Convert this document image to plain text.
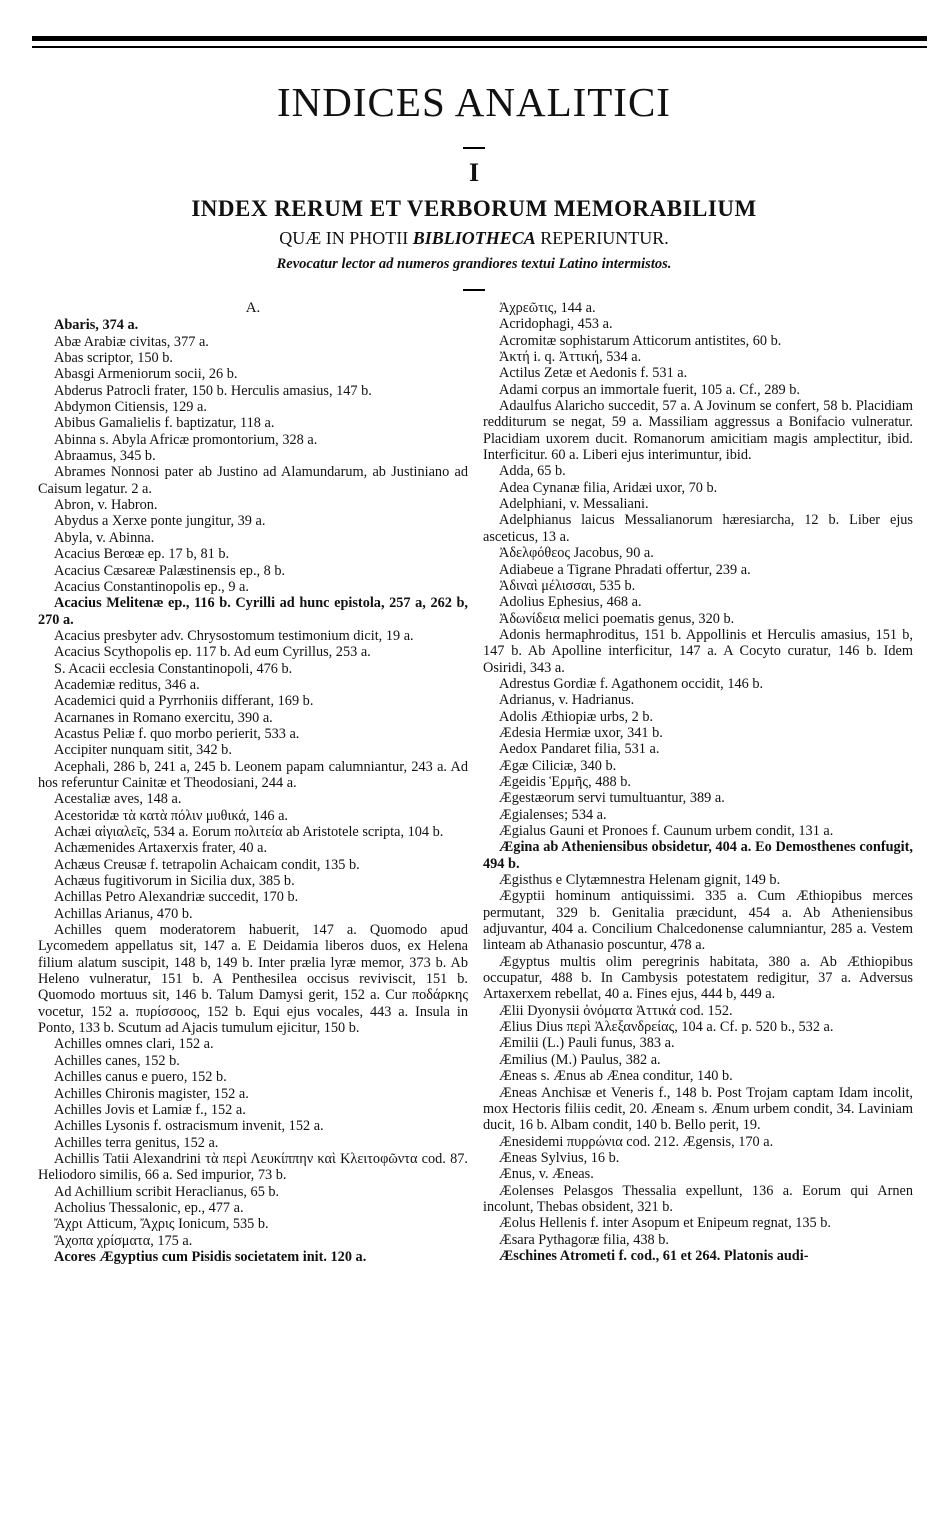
INDICES ANALITICI
I
INDEX RERUM ET VERBORUM MEMORABILIUM
QUÆ IN PHOTII BIBLIOTHECA REPERIUNTUR.
Revocatur lector ad numeros grandiores textui Latino intermistos.
A.

Abaris, 374 a.

Abæ Arabiæ civitas, 377 a.

Abas scriptor, 150 b.

Abasgi Armeniorum socii, 26 b.

Abderus Patrocli frater, 150 b. Herculis amasius, 147 b.

Abdymon Citiensis, 129 a.

Abibus Gamalielis f. baptizatur, 118 a.

Abinna s. Abyla Africæ promontorium, 328 a.

Abraamus, 345 b.

Abrames Nonnosi pater ab Justino ad Alamundarum, ab Justiniano ad Caisum legatur. 2 a.

Abron, v. Habron.

Abydus a Xerxe ponte jungitur, 39 a.

Abyla, v. Abinna.

Acacius Berœæ ep. 17 b, 81 b.

Acacius Cæsareæ Palæstinensis ep., 8 b.

Acacius Constantinopolis ep., 9 a.

Acacius Melitenæ ep., 116 b. Cyrilli ad hunc epistola, 257 a, 262 b, 270 a.

Acacius presbyter adv. Chrysostomum testimonium dicit, 19 a.

Acacius Scythopolis ep. 117 b. Ad eum Cyrillus, 253 a.

S. Acacii ecclesia Constantinopoli, 476 b.

Academiæ reditus, 346 a.

Academici quid a Pyrrhoniis differant, 169 b.

Acarnanes in Romano exercitu, 390 a.

Acastus Peliæ f. quo morbo perierit, 533 a.

Accipiter nunquam sitit, 342 b.

Acephali, 286 b, 241 a, 245 b. Leonem papam calumniantur, 243 a. Ad hos referuntur Cainitæ et Theodosiani, 244 a.

Acestaliæ aves, 148 a.

Acestoridæ τὰ κατὰ πόλιν μυθικά, 146 a.

Achæi αἰγιαλεῖς, 534 a. Eorum πολιτεία ab Aristotele scripta, 104 b.

Achæmenides Artaxerxis frater, 40 a.

Achæus Creusæ f. tetrapolin Achaicam condit, 135 b.

Achæus fugitivorum in Sicilia dux, 385 b.

Achillas Petro Alexandriæ succedit, 170 b.

Achillas Arianus, 470 b.

Achilles quem moderatorem habuerit, 147 a. Quomodo apud Lycomedem appellatus sit, 147 a. E Deidamia liberos duos, ex Helena filium alatum suscipit, 148 b, 149 b. Inter prælia lyræ memor, 373 b. Ab Heleno vulneratur, 151 b. A Penthesilea occisus reviviscit, 151 b. Quomodo mortuus sit, 146 b. Talum Damysi gerit, 152 a. Cur ποδάρκης vocetur, 152 a. πυρίσσοος, 152 b. Equi ejus vocales, 443 a. Insula in Ponto, 133 b. Scutum ad Ajacis tumulum ejicitur, 150 b.

Achilles omnes clari, 152 a.

Achilles canes, 152 b.

Achilles canus e puero, 152 b.

Achilles Chironis magister, 152 a.

Achilles Jovis et Lamiæ f., 152 a.

Achilles Lysonis f. ostracismum invenit, 152 a.

Achilles terra genitus, 152 a.

Achillis Tatii Alexandrini τὰ περὶ Λευκίππην καὶ Κλειτοφῶντα cod. 87. Heliodoro similis, 66 a. Sed impurior, 73 b.

Ad Achillium scribit Heraclianus, 65 b.

Acholius Thessalonic, ep., 477 a.

Ἄχρι Atticum, Ἄχρις Ionicum, 535 b.

Ἄχοπα χρίσματα, 175 a.

Acores Ægyptius cum Pisidis societatem init. 120 a.

Ἀχρεῶτις, 144 a.

Acridophagi, 453 a.

Acromitæ sophistarum Atticorum antistites, 60 b.

Ἀκτή i. q. Ἀττική, 534 a.

Actilus Zetæ et Aedonis f. 531 a.

Adami corpus an immortale fuerit, 105 a. Cf., 289 b.

Adaulfus Alaricho succedit, 57 a. A Jovinum se confert, 58 b. Placidiam redditurum se negat, 59 a. Massiliam aggressus a Bonifacio vulneratur. Placidiam uxorem ducit. Romanorum amicitiam magis amplectitur, ibid. Interficitur. 60 a. Liberi ejus interimuntur, ibid.

Adda, 65 b.

Adea Cynanæ filia, Aridæi uxor, 70 b.

Adelphiani, v. Messaliani.

Adelphianus laicus Messalianorum hæresiarcha, 12 b. Liber ejus asceticus, 13 a.

Ἀδελφόθεος Jacobus, 90 a.

Adiabeue a Tigrane Phradati offertur, 239 a.

Ἀδιναὶ μέλισσαι, 535 b.

Adolius Ephesius, 468 a.

Ἀδωνίδεια melici poematis genus, 320 b.

Adonis hermaphroditus, 151 b. Appollinis et Herculis amasius, 151 b, 147 b. Ab Apolline interficitur, 147 a. A Cocyto curatur, 146 b. Idem Osiridi, 343 a.

Adrestus Gordiæ f. Agathonem occidit, 146 b.

Adrianus, v. Hadrianus.

Adolis Æthiopiæ urbs, 2 b.

Ædesia Hermiæ uxor, 341 b.

Aedox Pandaret filia, 531 a.

Ægæ Ciliciæ, 340 b.

Ægeidis Ἑρμῆς, 488 b.

Ægestæorum servi tumultuantur, 389 a.

Ægialenses; 534 a.

Ægialus Gauni et Pronoes f. Caunum urbem condit, 131 a.

Ægina ab Atheniensibus obsidetur, 404 a. Eo Demosthenes confugit, 494 b.

Ægisthus e Clytæmnestra Helenam gignit, 149 b.

Ægyptii hominum antiquissimi. 335 a. Cum Æthiopibus merces permutant, 329 b. Genitalia præcidunt, 454 a. Ab Atheniensibus adjuvantur, 404 a. Concilium Chalcedonense calumniantur, 285 a. Vestem linteam ab Athanasio poscuntur, 478 a.

Ægyptus multis olim peregrinis habitata, 380 a. Ab Æthiopibus occupatur, 488 b. In Cambysis potestatem redigitur, 37 a. Adversus Artaxerxem rebellat, 40 a. Fines ejus, 444 b, 449 a.

Ælii Dyonysii ὀνόματα Ἀττικά cod. 152.

Ælius Dius περὶ Ἀλεξανδρείας, 104 a. Cf. p. 520 b., 532 a.

Æmilii (L.) Pauli funus, 383 a.

Æmilius (M.) Paulus, 382 a.

Æneas s. Ænus ab Ænea conditur, 140 b.

Æneas Anchisæ et Veneris f., 148 b. Post Trojam captam Idam incolit, mox Hectoris filiis cedit, 20. Æneam s. Ænum urbem condit, 34. Laviniam ducit, 16 b. Albam condit, 140 b. Bello perit, 19.

Ænesidemi πυρρώνια cod. 212. Ægensis, 170 a.

Æneas Sylvius, 16 b.

Ænus, v. Æneas.

Æolenses Pelasgos Thessalia expellunt, 136 a. Eorum qui Arnen incolunt, Thebas obsident, 321 b.

Æolus Hellenis f. inter Asopum et Enipeum regnat, 135 b.

Æsara Pythagoræ filia, 438 b.

Æschines Atrometi f. cod., 61 et 264. Platonis audi-
